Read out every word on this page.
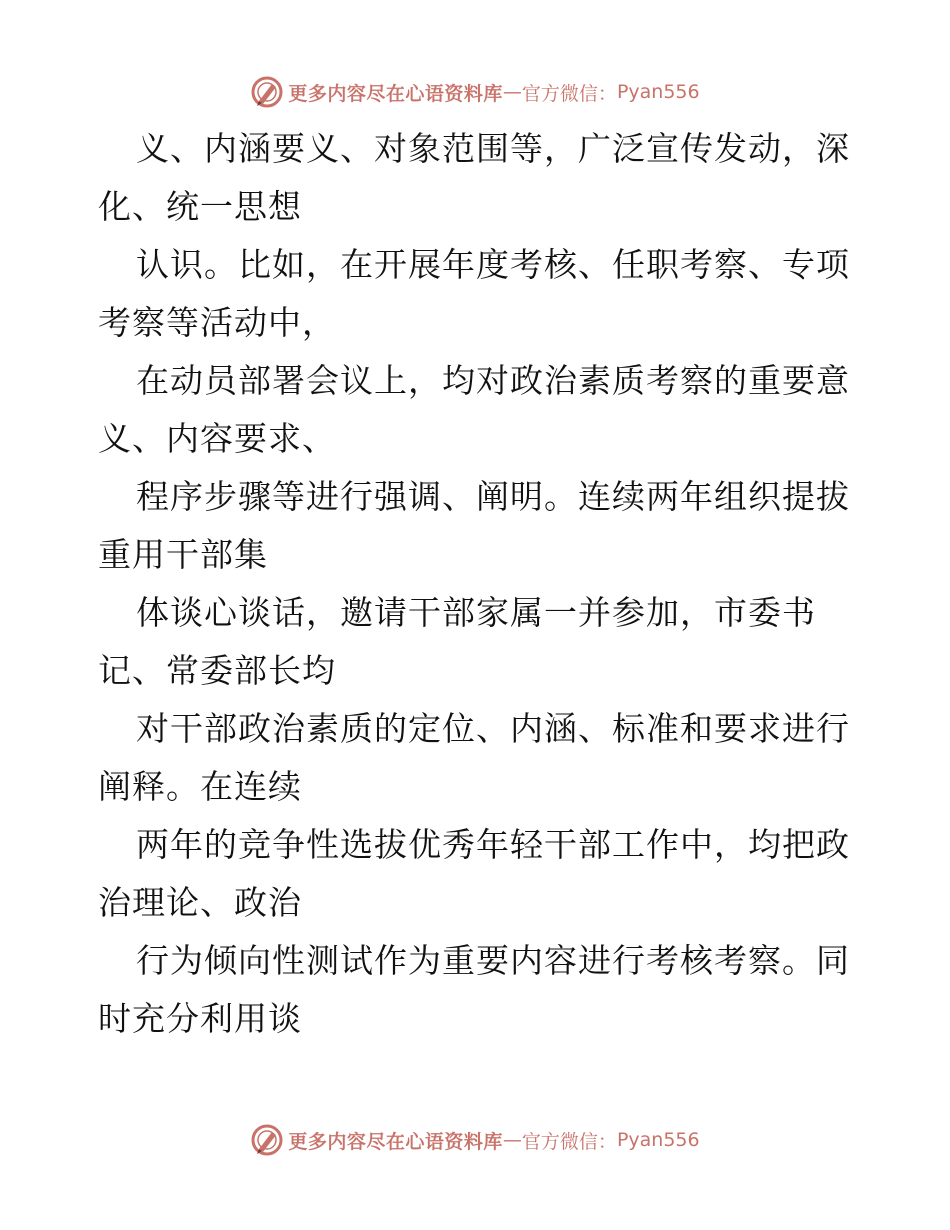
更多内容尽在心语资料库 — 官方微信： Pyan556
义、内涵要义、对象范围等，广泛宣传发动，深
化、统一思想
认识。比如，在开展年度考核、任职考察、专项
考察等活动中，
在动员部署会议上，均对政治素质考察的重要意
义、内容要求、
程序步骤等进行强调、阐明。连续两年组织提拔
重用干部集
体谈心谈话，邀请干部家属一并参加，市委书
记、常委部长均
对干部政治素质的定位、内涵、标准和要求进行
阐释。在连续
两年的竞争性选拔优秀年轻干部工作中，均把政
治理论、政治
行为倾向性测试作为重要内容进行考核考察。同
时充分利用谈
更多内容尽在心语资料库 — 官方微信： Pyan556
